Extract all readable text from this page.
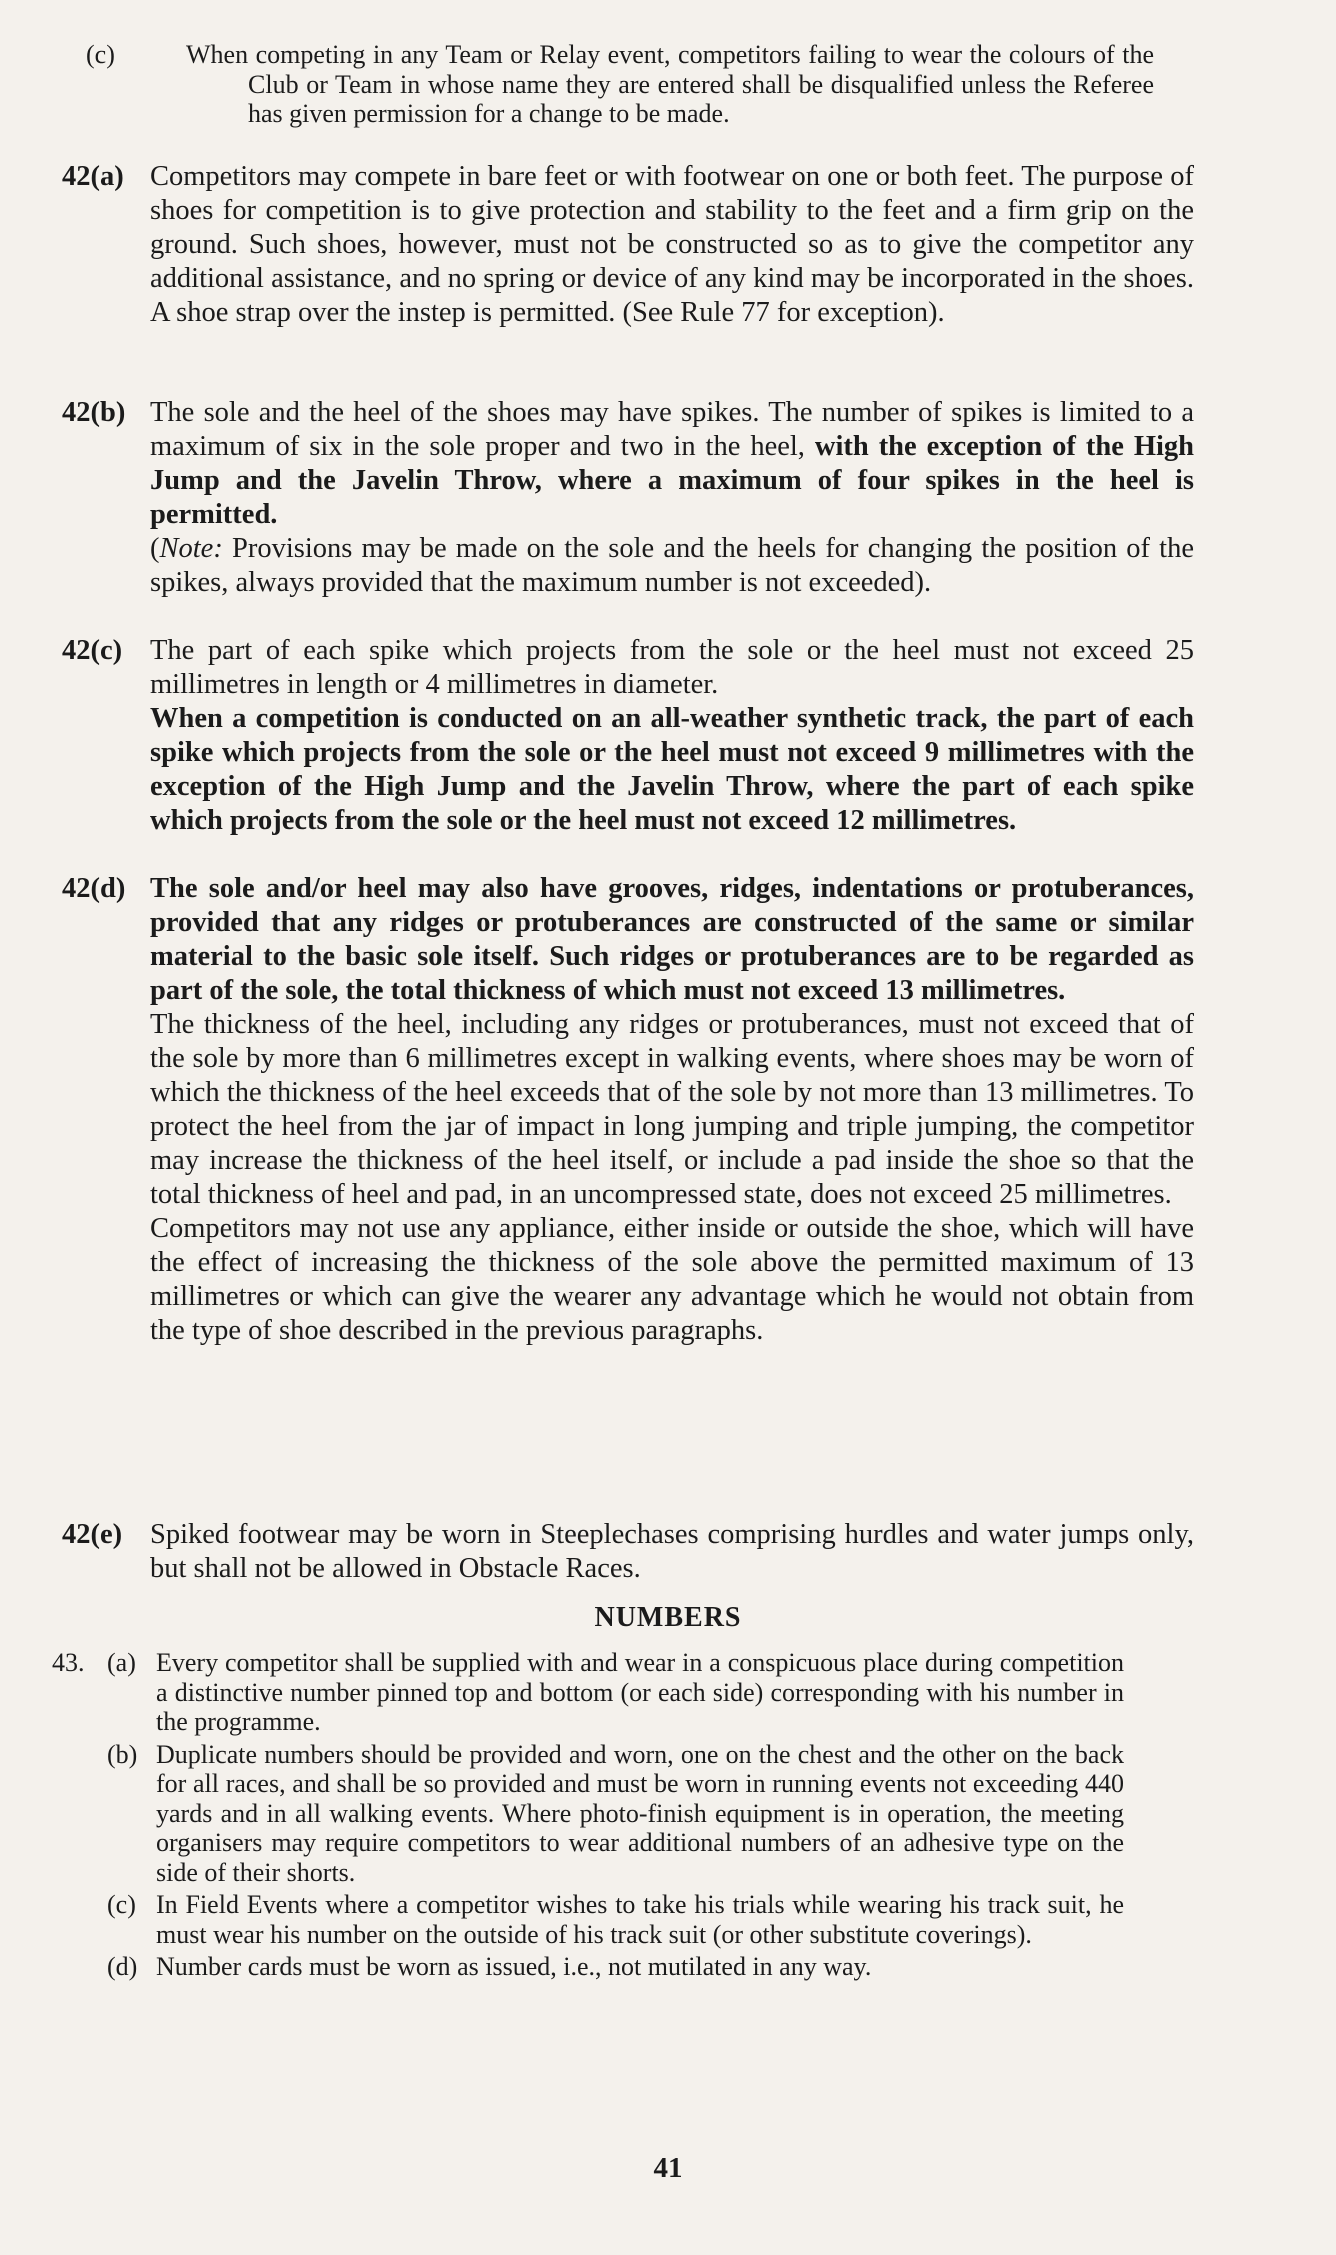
(c)	When competing in any Team or Relay event, competitors failing to wear the colours of the Club or Team in whose name they are entered shall be disqualified unless the Referee has given permission for a change to be made.

42(a) Competitors may compete in bare feet or with footwear on one or both feet. The purpose of shoes for competition is to give protection and stability to the feet and a firm grip on the ground. Such shoes, however, must not be constructed so as to give the competitor any additional assistance, and no spring or device of any kind may be incorporated in the shoes. A shoe strap over the instep is permitted. (See Rule 77 for exception).

42(b) The sole and the heel of the shoes may have spikes. The number of spikes is limited to a maximum of six in the sole proper and two in the heel, with the exception of the High Jump and the Javelin Throw, where a maximum of four spikes in the heel is permitted.

(Note: Provisions may be made on the sole and the heels for changing the position of the spikes, always provided that the maximum number is not exceeded).

42(c) The part of each spike which projects from the sole or the heel must not exceed 25 millimetres in length or 4 millimetres in diameter.

When a competition is conducted on an all-weather synthetic track, the part of each spike which projects from the sole or the heel must not exceed 9 millimetres with the exception of the High Jump and the Javelin Throw, where the part of each spike which projects from the sole or the heel must not exceed 12 millimetres.

42(d) The sole and/or heel may also have grooves, ridges, indentations or protuberances, provided that any ridges or protuberances are constructed of the same or similar material to the basic sole itself. Such ridges or protuberances are to be regarded as part of the sole, the total thickness of which must not exceed 13 millimetres.

The thickness of the heel, including any ridges or protuberances, must not exceed that of the sole by more than 6 millimetres except in walking events, where shoes may be worn of which the thickness of the heel exceeds that of the sole by not more than 13 millimetres. To protect the heel from the jar of impact in long jumping and triple jumping, the competitor may increase the thickness of the heel itself, or include a pad inside the shoe so that the total thickness of heel and pad, in an uncompressed state, does not exceed 25 millimetres.

Competitors may not use any appliance, either inside or outside the shoe, which will have the effect of increasing the thickness of the sole above the permitted maximum of 13 millimetres or which can give the wearer any advantage which he would not obtain from the type of shoe described in the previous paragraphs.

42(e) Spiked footwear may be worn in Steeplechases comprising hurdles and water jumps only, but shall not be allowed in Obstacle Races.

NUMBERS
43. (a) Every competitor shall be supplied with and wear in a conspicuous place during competition a distinctive number pinned top and bottom (or each side) corresponding with his number in the programme.

(b) Duplicate numbers should be provided and worn, one on the chest and the other on the back for all races, and shall be so provided and must be worn in running events not exceeding 440 yards and in all walking events. Where photo-finish equipment is in operation, the meeting organisers may require competitors to wear additional numbers of an adhesive type on the side of their shorts.

(c) In Field Events where a competitor wishes to take his trials while wearing his track suit, he must wear his number on the outside of his track suit (or other substitute coverings).

(d) Number cards must be worn as issued, i.e., not mutilated in any way.

41
